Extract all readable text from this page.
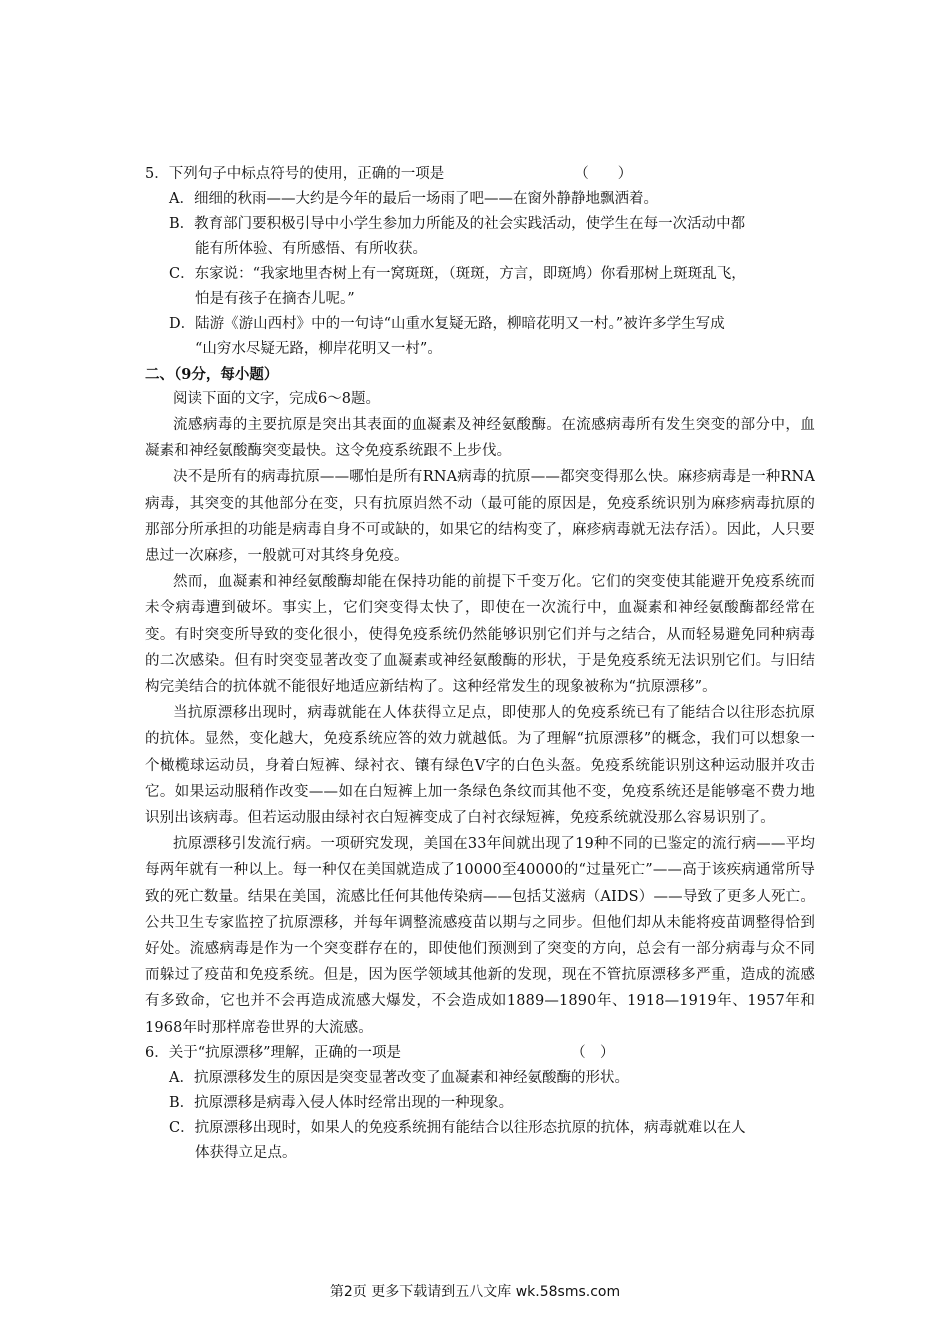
5．下列句子中标点符号的使用，正确的一项是	（　　）
A．细细的秋雨——大约是今年的最后一场雨了吧——在窗外静静地飘洒着。
B．教育部门要积极引导中小学生参加力所能及的社会实践活动，使学生在每一次活动中都
能有所体验、有所感悟、有所收获。
C．东家说：“我家地里杏树上有一窝斑斑，（斑斑，方言，即斑鸠）你看那树上斑斑乱飞，
怕是有孩子在摘杏儿呢。”
D．陆游《游山西村》中的一句诗“山重水复疑无路，柳暗花明又一村。”被许多学生写成
“山穷水尽疑无路，柳岸花明又一村”。
二、（9分，每小题）
阅读下面的文字，完成6～8题。
流感病毒的主要抗原是突出其表面的血凝素及神经氨酸酶。在流感病毒所有发生突变的部分中，血凝素和神经氨酸酶突变最快。这令免疫系统跟不上步伐。
决不是所有的病毒抗原——哪怕是所有RNA病毒的抗原——都突变得那么快。麻疹病毒是一种RNA病毒，其突变的其他部分在变，只有抗原岿然不动（最可能的原因是，免疫系统识别为麻疹病毒抗原的那部分所承担的功能是病毒自身不可或缺的，如果它的结构变了，麻疹病毒就无法存活）。因此，人只要患过一次麻疹，一般就可对其终身免疫。
然而，血凝素和神经氨酸酶却能在保持功能的前提下千变万化。它们的突变使其能避开免疫系统而未令病毒遭到破坏。事实上，它们突变得太快了，即使在一次流行中，血凝素和神经氨酸酶都经常在变。有时突变所导致的变化很小，使得免疫系统仍然能够识别它们并与之结合，从而轻易避免同种病毒的二次感染。但有时突变显著改变了血凝素或神经氨酸酶的形状，于是免疫系统无法识别它们。与旧结构完美结合的抗体就不能很好地适应新结构了。这种经常发生的现象被称为“抗原漂移”。
当抗原漂移出现时，病毒就能在人体获得立足点，即使那人的免疫系统已有了能结合以往形态抗原的抗体。显然，变化越大，免疫系统应答的效力就越低。为了理解“抗原漂移”的概念，我们可以想象一个橄榄球运动员，身着白短裤、绿衬衣、镶有绿色V字的白色头盔。免疫系统能识别这种运动服并攻击它。如果运动服稍作改变——如在白短裤上加一条绿色条纹而其他不变，免疫系统还是能够毫不费力地识别出该病毒。但若运动服由绿衬衣白短裤变成了白衬衣绿短裤，免疫系统就没那么容易识别了。
抗原漂移引发流行病。一项研究发现，美国在33年间就出现了19种不同的已鉴定的流行病——平均每两年就有一种以上。每一种仅在美国就造成了10000至40000的“过量死亡”——高于该疾病通常所导致的死亡数量。结果在美国，流感比任何其他传染病——包括艾滋病（AIDS）——导致了更多人死亡。公共卫生专家监控了抗原漂移，并每年调整流感疫苗以期与之同步。但他们却从未能将疫苗调整得恰到好处。流感病毒是作为一个突变群存在的，即使他们预测到了突变的方向，总会有一部分病毒与众不同而躲过了疫苗和免疫系统。但是，因为医学领域其他新的发现，现在不管抗原漂移多严重，造成的流感有多致命，它也并不会再造成流感大爆发，不会造成如1889—1890年、1918—1919年、1957年和1968年时那样席卷世界的大流感。
6．关于“抗原漂移”理解，正确的一项是	（　）
A．抗原漂移发生的原因是突变显著改变了血凝素和神经氨酸酶的形状。
B．抗原漂移是病毒入侵人体时经常出现的一种现象。
C．抗原漂移出现时，如果人的免疫系统拥有能结合以往形态抗原的抗体，病毒就难以在人
体获得立足点。
第2页 更多下载请到五八文库 wk.58sms.com
